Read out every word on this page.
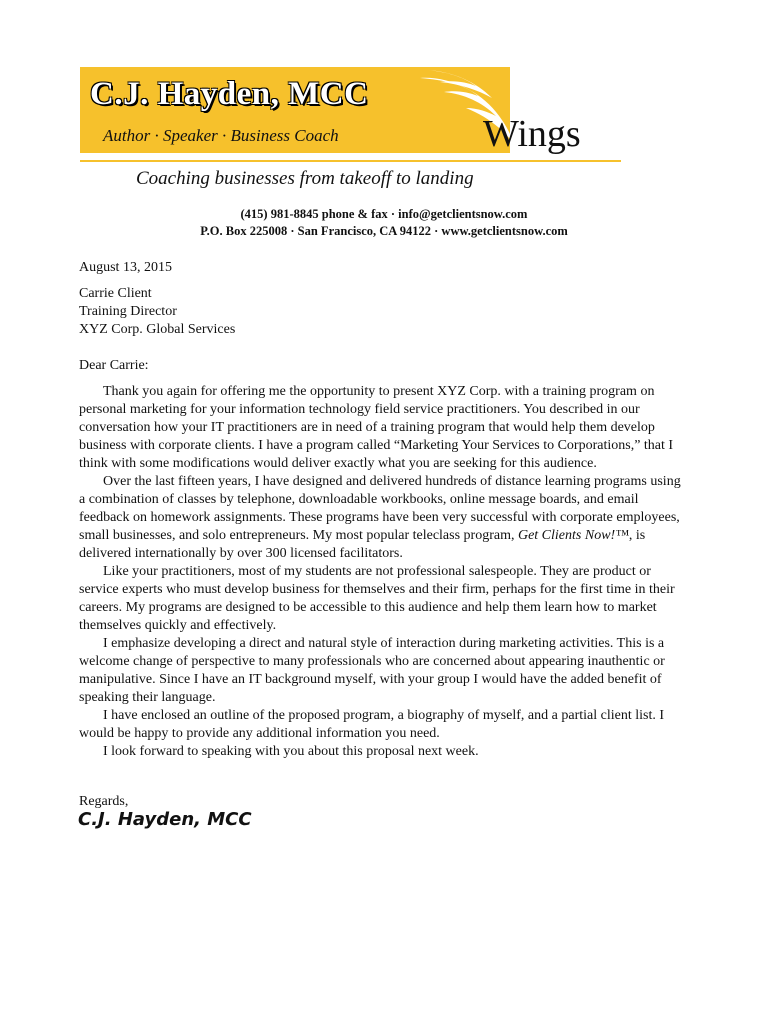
C.J. Hayden, MCC
Author · Speaker · Business Coach	Wings
Coaching businesses from takeoff to landing
(415) 981-8845 phone & fax · info@getclientsnow.com
P.O. Box 225008 · San Francisco, CA 94122 · www.getclientsnow.com
August 13, 2015
Carrie Client
Training Director
XYZ Corp. Global Services
Dear Carrie:

Thank you again for offering me the opportunity to present XYZ Corp. with a training program on personal marketing for your information technology field service practitioners. You described in our conversation how your IT practitioners are in need of a training program that would help them develop business with corporate clients. I have a program called “Marketing Your Services to Corporations,” that I think with some modifications would deliver exactly what you are seeking for this audience.

Over the last fifteen years, I have designed and delivered hundreds of distance learning programs using a combination of classes by telephone, downloadable workbooks, online message boards, and email feedback on homework assignments. These programs have been very successful with corporate employees, small businesses, and solo entrepreneurs. My most popular teleclass program, Get Clients Now!™, is delivered internationally by over 300 licensed facilitators.

Like your practitioners, most of my students are not professional salespeople. They are product or service experts who must develop business for themselves and their firm, perhaps for the first time in their careers. My programs are designed to be accessible to this audience and help them learn how to market themselves quickly and effectively.

I emphasize developing a direct and natural style of interaction during marketing activities. This is a welcome change of perspective to many professionals who are concerned about appearing inauthentic or manipulative. Since I have an IT background myself, with your group I would have the added benefit of speaking their language.

I have enclosed an outline of the proposed program, a biography of myself, and a partial client list. I would be happy to provide any additional information you need.

I look forward to speaking with you about this proposal next week.

Regards,
C.J. Hayden, MCC
